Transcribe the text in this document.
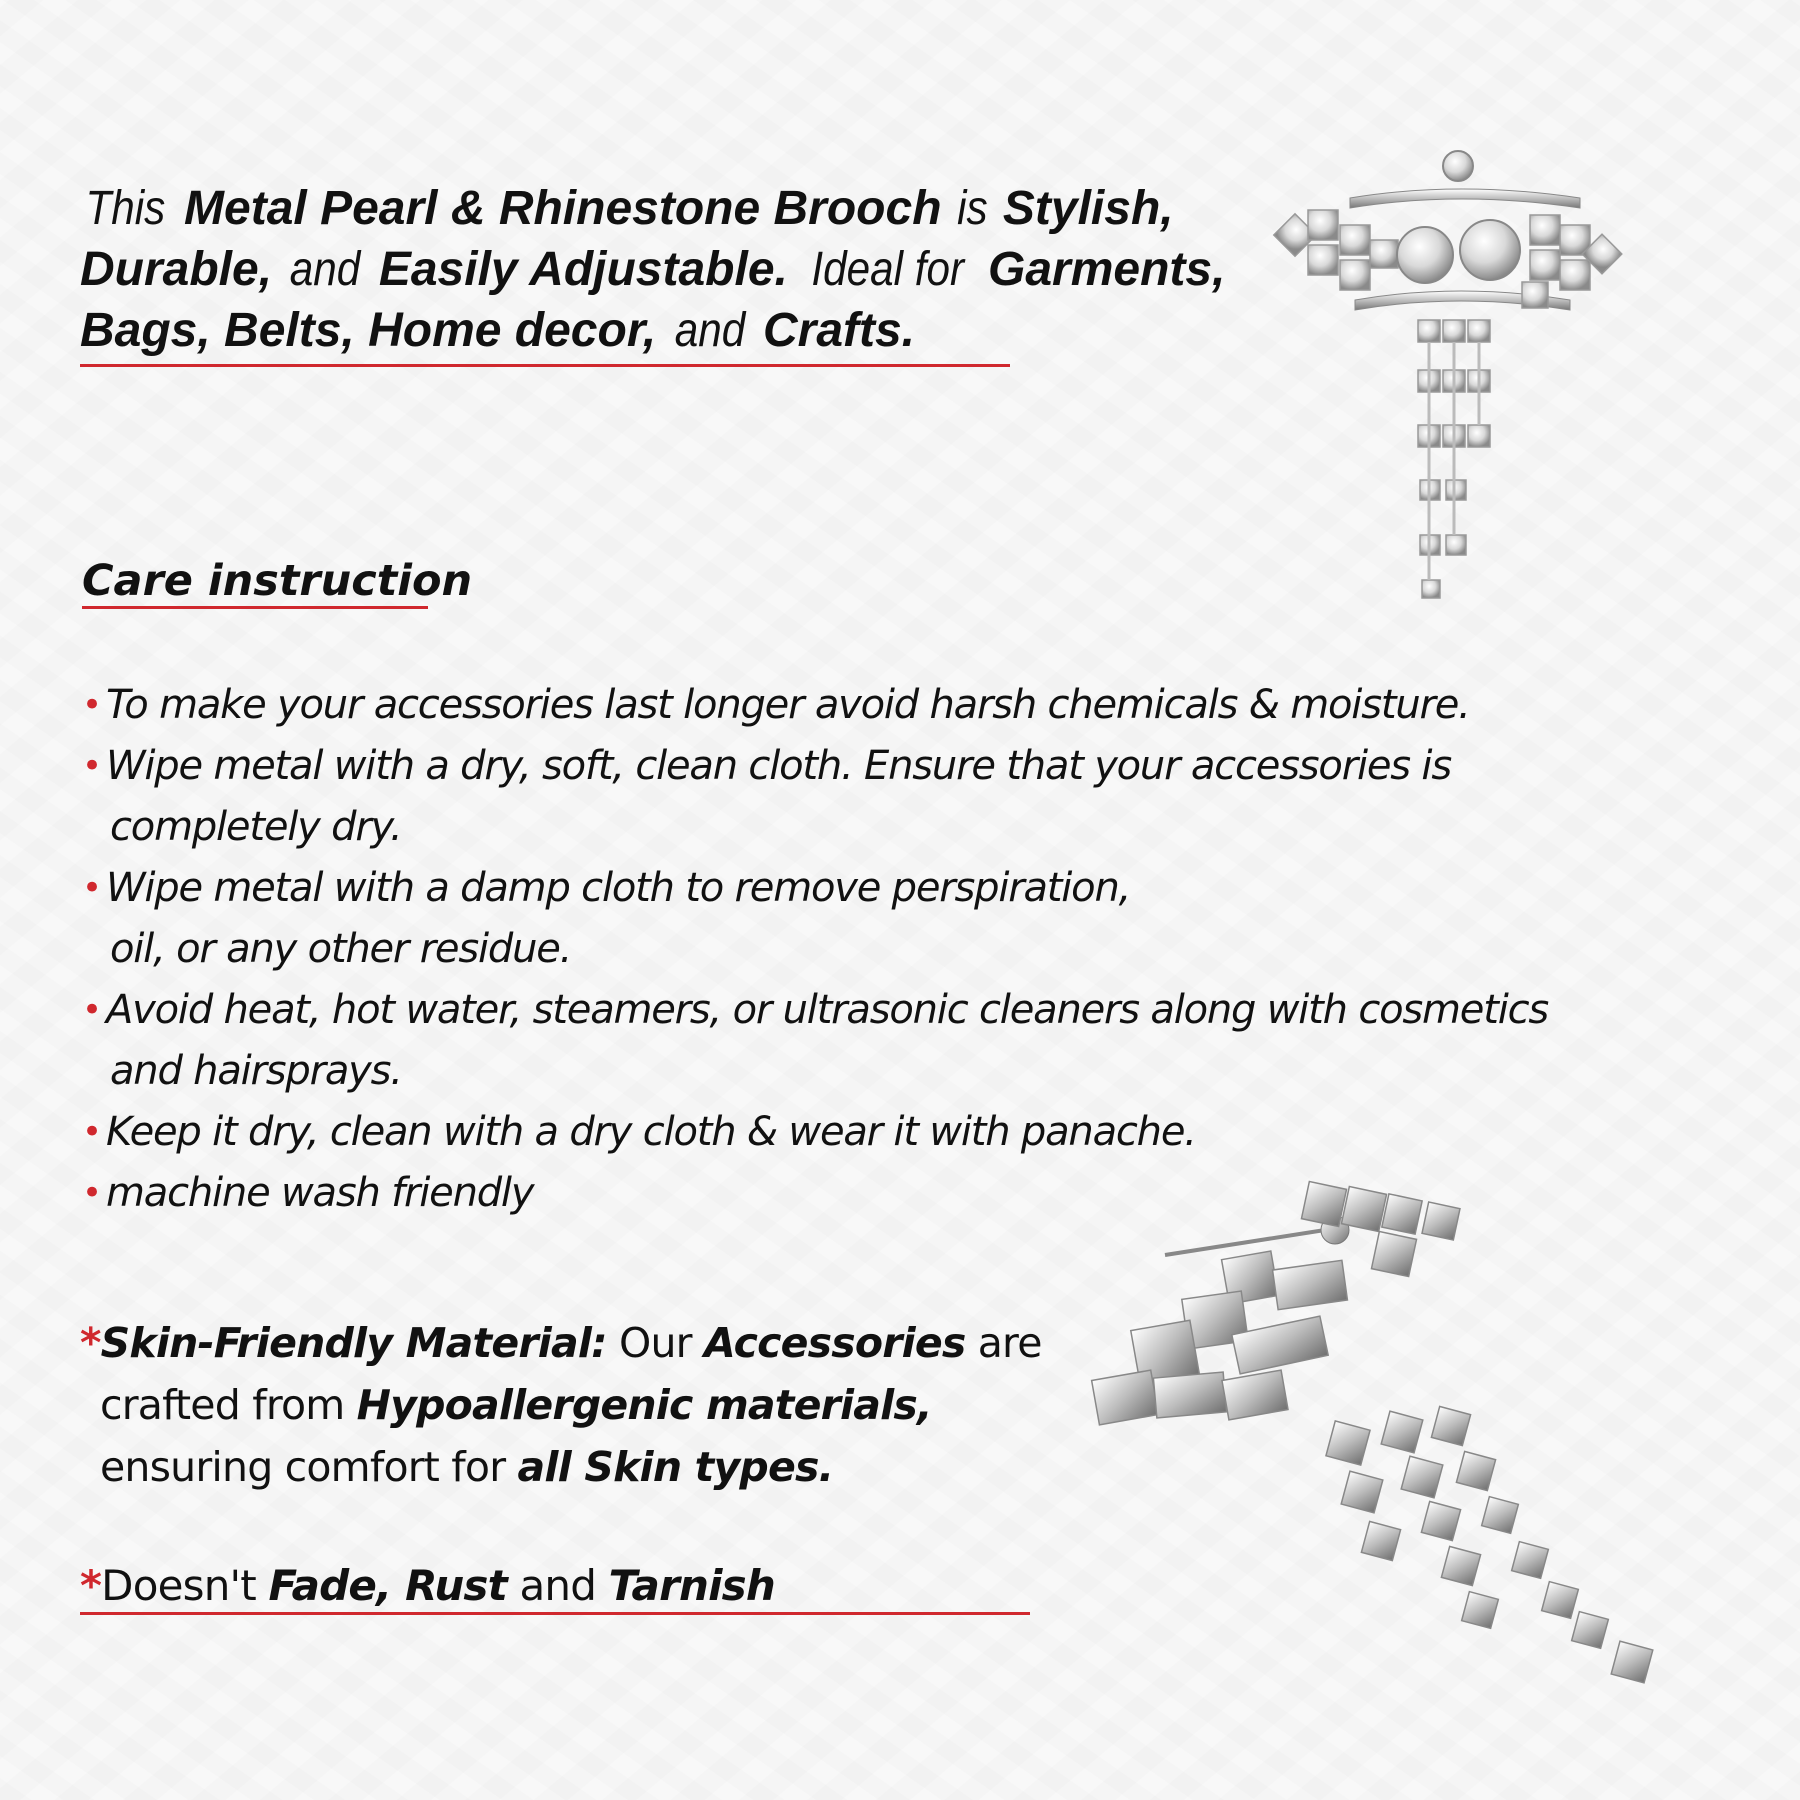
This Metal Pearl & Rhinestone Brooch is Stylish,
Durable, and Easily Adjustable. Ideal for Garments,
Bags, Belts, Home decor, and Crafts.

Care instruction
• To make your accessories last longer avoid harsh chemicals & moisture.
• Wipe metal with a dry, soft, clean cloth. Ensure that your accessories is
completely dry.
• Wipe metal with a damp cloth to remove perspiration,
oil, or any other residue.
• Avoid heat, hot water, steamers, or ultrasonic cleaners along with cosmetics
and hairsprays.
• Keep it dry, clean with a dry cloth & wear it with panache.
• machine wash friendly

*Skin-Friendly Material: Our Accessories are
crafted from Hypoallergenic materials,
ensuring comfort for all Skin types.

*Doesn't Fade, Rust and Tarnish
